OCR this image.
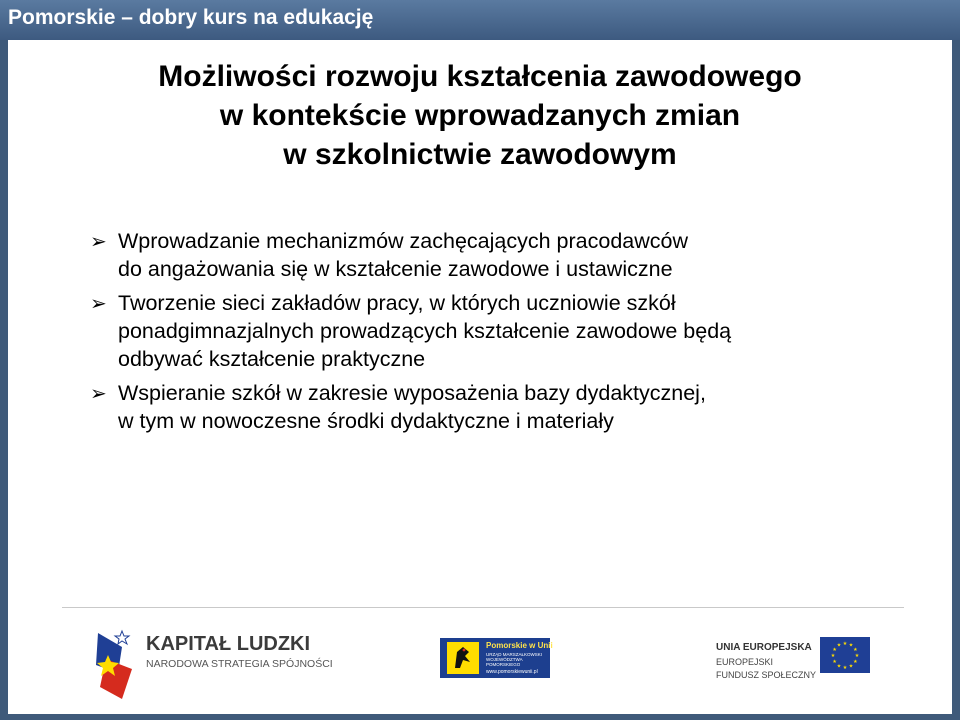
Pomorskie – dobry kurs na edukację
Możliwości rozwoju kształcenia zawodowego
w kontekście wprowadzanych zmian
w szkolnictwie zawodowym
➢ Wprowadzanie mechanizmów zachęcających pracodawców
do angażowania się w kształcenie zawodowe i ustawiczne
➢ Tworzenie sieci zakładów pracy, w których uczniowie szkół
ponadgimnazjalnych prowadzących kształcenie zawodowe będą
odbywać kształcenie praktyczne
➢ Wspieranie szkół w zakresie wyposażenia bazy dydaktycznej,
w tym w nowoczesne środki dydaktyczne i materiały
KAPITAŁ LUDZKI
NARODOWA STRATEGIA SPÓJNOŚCI
Pomorskie w Unii
URZĄD MARSZAŁKOWSKI WOJEWÓDZTWA POMORSKIEGO
www.pomorskiewunii.pl
UNIA EUROPEJSKA
EUROPEJSKI
FUNDUSZ SPOŁECZNY
★ ★
★
★
★
★
★
★
★
★
★
★
